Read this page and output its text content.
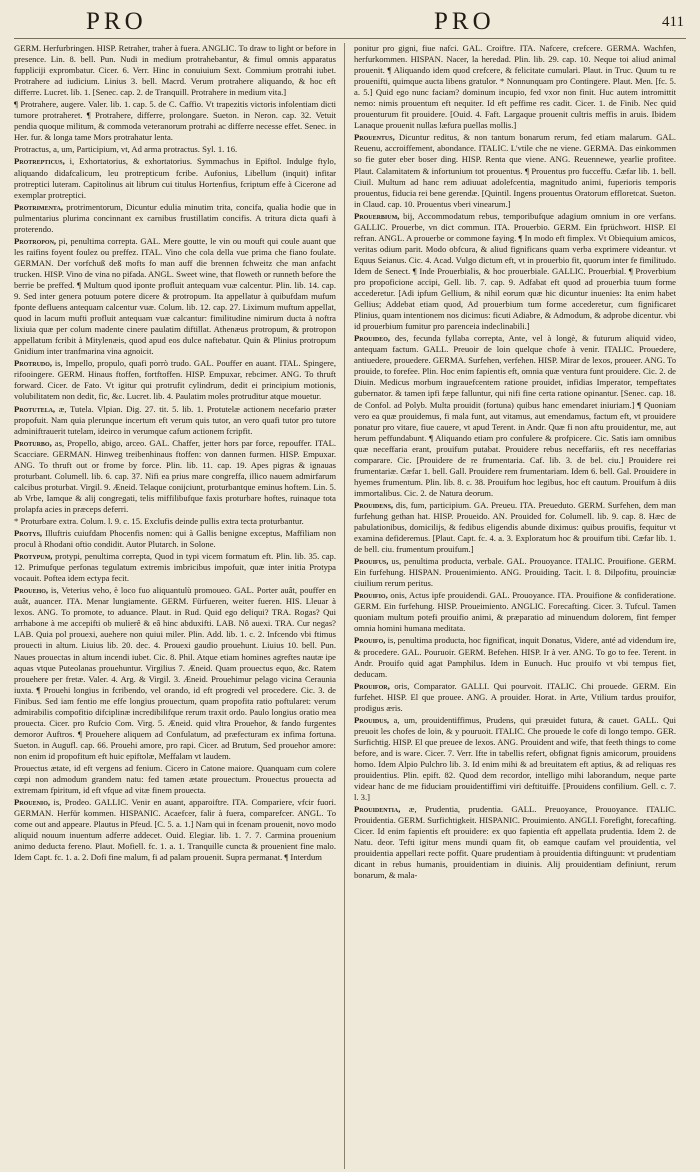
PRO	PRO	411

GERM. Herfurbringen. HISP. Retraher, traher à fuera. ANGLIC. To draw to light or before in presence. Lin. 8. bell. Pun. Nudi in medium protrahebantur, & fimul omnis apparatus fuppliciji exprombatur. Cicer. 6. Verr. Hinc in conuiuium Sext. Commium protrahi iubet. Protrahere ad iudicium. Linius 3. bell. Macrd. Verum protrahere aliquando, & hoc eft differre. Lucret. lib. 1. [Senec. cap. 2. de Tranquill. Protrahere in medium vita.]

¶ Protrahere, augere. Valer. lib. 1. cap. 5. de C. Caffio. Vt trapezitis victoris infolentiam dicti tumore protraheret. ¶ Protrahere, differre, prolongare. Sueton. in Neron. cap. 32. Vetuit pendia quoque militum, & commoda veteranorum protrahi ac differre necesse effet. Senec. in Her. fur. & longa tame Mors protrahatur lenta.

Protractus, a, um, Participium, vt, Ad arma protractus. Syl. 1. 16.

Protrepticus, i, Exhortatorius, & exhortatorius. Symmachus in Epiftol. Indulge ftylo, aliquando didafcalicum, leu protrepticum fcribe. Aufonius, Libellum (inquit) infitar protreptici luteram. Capitolinus ait librum cui titulus Hortenfius, fcriptum effe à Cicerone ad exemplar protreptici.

Protrimenta, protrimentorum, Dicuntur edulia minutim trita, concifa, qualia hodie que in pulmentarius plurima concinnant ex carnibus frustillatim concifis. A tritura dicta quafi à proterendo.

Protropon, pi, penultima correpta. GAL. Mere goutte, le vin ou mouft qui coule auant que les raifins foyent foulez ou preffez. ITAL. Vino che cola della vue prima che fiano foulate. GERMAN. Der vorfchuß deß mofts fo man auff die brennen fchweitz che man anfacht trucken. HISP. Vino de vina no pifada. ANGL. Sweet wine, that floweth or runneth before the berrie be preffed. ¶ Multum quod iponte profluit antequam vuæ calcentur. Plin. lib. 14. cap. 9. Sed inter genera potuum potere dicere & protropum. Ita appellatur à quibufdam mufum fponte defluens antequam calcentur vuæ. Colum. lib. 12. cap. 27. Liximum muftum appellat, quod in lacum mufti profluit antequam vuæ calcantur: fimilitudine nimirum ducta à noftra lixiuia quæ per colum madente cinere paulatim diftillat. Athenæus protropum, & protropon appellatum fcribit à Mitylenæis, quod apud eos dulce naftebatur. Quin & Plinius protropum Gnidium inter tranfmarina vina agnoicit.

Protrudo, is, Impello, propulo, quafi porrò trudo. GAL. Pouffer en auant. ITAL. Spingere, rifooingere. GERM. Hinaus ftoffen, fortftoffen. HISP. Empuxar, rebcimer. ANG. To thruft forward. Cicer. de Fato. Vt igitur qui protrufit cylindrum, dedit ei principium motionis, volubilitatem non dedit, fic, &c. Lucret. lib. 4. Paulatim moles protruditur atque mouetur.

Protutela, æ, Tutela. Vlpian. Dig. 27. tit. 5. lib. 1. Protutelæ actionem necefario præter propofuit. Nam quia plerunque incertum eft verum quis tutor, an vero quafi tutor pro tutore adminiftrauerit tutelam, ideirco in verumque cafum actionem fcripfit.

Proturbo, as, Propello, abigo, arceo. GAL. Chaffer, jetter hors par force, repouffer. ITAL. Scacciare. GERMAN. Hinweg treibenhinaus ftoffen: von dannen furmen. HISP. Empuxar. ANG. To thruft out or frome by force. Plin. lib. 11. cap. 19. Apes pigras & ignauas proturbant. Columell. lib. 6. cap. 37. Nifi ea prius mare congreffa, illico nauem admirfarum calcibus proturbat. Virgil. 9. Æneid. Telaque conijciunt, proturbantque eminus hoftem. Lin. 5. ab Vrbe, Iamque & alij congregati, telis miffilibufque faxis proturbare hoftes, ruinaque tota prolapfa acies in præceps deferri.

* Proturbare extra. Colum. l. 9. c. 15. Exclufis deinde pullis extra tecta proturbantur.

Protys, Illuftris cuiufdam Phocenfis nomen: qui à Gallis benigne exceptus, Maffiliam non procul à Rhodani oftio condidit. Autor Plutarch. in Solone.

Protypum, protypi, penultima correpta, Quod in typi vicem formatum eft. Plin. lib. 35. cap. 12. Primufque perfonas tegulatum extremis imbricibus impofuit, quæ inter initia Protypa vocauit. Poftea idem ectypa fecit.

Proueho, is, Veterius veho, è loco fuo aliquantulù promoueo. GAL. Porter auât, pouffer en auât, auancer. ITA. Menar lungiamente. GERM. Fürfueren, weiter fueren. HIS. Lleuar à lexos. ANG. To promote, to aduance. Plaut. in Rud. Quid ego deliqui? TRA. Rogas? Qui arrhabone à me accepifti ob mulierê & eâ hinc abduxifti. LAB. Nô auexi. TRA. Cur negas? LAB. Quia pol prouexi, auehere non quiui miler. Plin. Add. lib. 1. c. 2. Infcendo vbi ftimus prouecti in altum. Liuius lib. 20. dec. 4. Prouexi gaudio prouehunt. Liuius 10. bell. Pun. Naues prouectas in altum incendi iubet. Cic. 8. Phil. Atque etiam homines agreftes nautæ ipe aquas vtque Puteolanas prouehuntur. Virgilius 7. Æneid. Quam prouectus equo, &c. Ratem prouehere per fretæ. Valer. 4. Arg. & Virgil. 3. Æneid. Prouehimur pelago vicina Ceraunia iuxta. ¶ Prouehi longius in fcribendo, vel orando, id eft progredi vel procedere. Cic. 3. de Finibus. Sed iam fentio me effe longius prouectum, quam propofita ratio poftularet: verum admirabilis compofitio difciplinæ incredibilifque rerum traxit ordo. Paulo longius oratio mea prouecta. Cicer. pro Rufcio Com. Virg. 5. Æneid. quid vltra Prouehor, & fando furgentes demoror Auftros. ¶ Prouehere aliquem ad Confulatum, ad præfecturam ex infima fortuna. Sueton. in Augufl. cap. 66. Prouehi amore, pro rapi. Cicer. ad Brutum, Sed prouehor amore: non enim id propofitum eft huic epiftolæ, Meffalam vt laudem.

Prouectus ætate, id eft vergens ad fenium. Cicero in Catone maiore. Quanquam cum colere cœpi non admodum grandem natu: fed tamen ætate prouectum. Prouectus prouecta ad extremam fpiritum, id eft vfque ad vitæ finem prouecta.

Prouenio, is, Prodeo. GALLIC. Venir en auant, apparoiftre. ITA. Compariere, vfcir fuori. GERMAN. Herfür kommen. HISPANIC. Acaefcer, falir à fuera, comparefcer. ANGL. To come out and appeare. Plautus in Pfeud. [C. 5. a. 1.] Nam qui in fcenam prouenit, novo modo aliquid nouum inuentum adferre addecet. Ouid. Elegiar. lib. 1. 7. 7. Carmina prouenium animo deducta fereno. Plaut. Mofiell. fc. 1. a. 1. Tranquille cuncta & prouenient fine malo. Idem Capt. fc. 1. a. 2. Dofi fine malum, fi ad palam prouenit. Supra permanat. ¶ Interdum

ponitur pro gigni, fiue nafci. GAL. Croiftre. ITA. Nafcere, crefcere. GERMA. Wachfen, herfurkommen. HISPAN. Nacer, la heredad. Plin. lib. 29. cap. 10. Neque toi aliud animal prouenit. ¶ Aliquando idem quod crefcere, & felicitate cumulari. Plaut. in Truc. Quum tu re prouenifti, quimque aucta libens gratulor. * Nonnunquam pro Contingere. Plaut. Men. [fc. 5. a. 5.] Quid ego nunc faciam? dominum incupio, fed vxor non finit. Huc autem intromittit nemo: nimis prouentum eft nequiter. Id eft peffime res cadit. Cicer. 1. de Finib. Nec quid prouenturum fit prouidere. [Ouid. 4. Faft. Largaque prouenit cultris meffis in aruis. Ibidem Lanaque prouenit nullas læfura puellas mollis.]

Prouentus, Dicuntur reditus, & non tantum bonarum rerum, fed etiam malarum. GAL. Reuenu, accroiffement, abondance. ITALIC. L'vtile che ne viene. GERMA. Das einkommen so fie guter eber boser ding. HISP. Renta que viene. ANG. Reuennewe, yearlie profitee. Plaut. Calamitatem & infortunium tot prouentus. ¶ Prouentus pro fucceffu. Cæfar lib. 1. bell. Ciuil. Multum ad hanc rem adiuuat adolefcentia, magnitudo animi, fuperioris temporis prouentus, fiducia rei bene gerendæ. [Quintil. Ingens prouentus Oratorum effloretcat. Sueton. in Claud. cap. 10. Prouentus vberi vinearum.]

Prouerbium, bij, Accommodatum rebus, temporibufque adagium omnium in ore verfans. GALLIC. Prouerbe, vn dict commun. ITA. Prouerbio. GERM. Ein fprüchwort. HISP. El refran. ANGL. A prouerbe or commone faying. ¶ In modo eft fimplex. Vt Obiequium amicos, veritas odium parit. Modo obfcura, & aliud fignificans quam verba exprimere videantur. vt Equus Seianus. Cic. 4. Acad. Vulgo dictum eft, vt in prouerbio fit, quorum inter fe fimilitudo. Idem de Senect. ¶ Inde Prouerbialis, & hoc prouerbiale. GALLIC. Prouerbial. ¶ Proverbium pro propoficione accipi, Gell. lib. 7. cap. 9. Adfabat eft quod ad prouerbia tuum forme accederetur. [Adi ipfum Gellium, & nihil eorum quæ hic dicuntur inuenies: Ita enim habet Gellius; Addebat etiam quod, Ad prouerbium tum forme accederetur, cum fignificaret Plinius, quam intentionem nos dicimus: ficuti Adiabre, & Admodum, & adprobe dicentur. vbi id prouerbium fumitur pro parenceia indeclinabili.]

Prouideo, des, fecunda fyllaba correpta, Ante, vel à longè, & futurum aliquid video, antequam factum. GALL. Preuoir de loin quelque chofe à venir. ITALIC. Prouedere, antiuedere, prouedere. GERMA. Surfehen, verfehen. HISP. Mirar de lexos, proueer. ANG. To prouide, to forefee. Plin. Hoc enim fapientis eft, omnia quæ ventura funt prouidere. Cic. 2. de Diuin. Medicus morbum ingrauefcentem ratione prouidet, infidias Imperator, tempeftates gubernator. & tamen ipfi fæpe falluntur, qui nifi fine certa ratione opinantur. [Senec. cap. 18. de Confol. ad Polyb. Multa prouidit (fortuna) quibus hanc emendaret iniuriam.] ¶ Quoniam vero ea quæ prouidemus, fi mala funt, aut vitamus, aut emendamus, factum eft, vt prouidere ponatur pro vitare, fiue cauere, vt apud Terent. in Andr. Quæ fi non aftu prouidentur, me, aut herum peffundabunt. ¶ Aliquando etiam pro confulere & profpicere. Cic. Satis iam omnibus quæ neceffaria erant, prouifum putabat. Prouidere rebus neceffariis, eft res neceffarias comparare. Cic. [Prouidere de re frumentaria. Caf. lib. 3. de bel. ciu.] Prouidere rei frumentariæ. Cæfar 1. bell. Gall. Prouidere rem frumentariam. Idem 6. bell. Gal. Prouidere in hyemes frumentum. Plin. lib. 8. c. 38. Prouifum hoc legibus, hoc eft cautum. Prouifum à diis immortalibus. Cic. 2. de Natura deorum.

Prouidens, dis, fum, participium. GA. Preueu. ITA. Preueduto. GERM. Surfehen, dem man furfehung gethan hat. HISP. Proueido. AN. Prouided for. Columell. lib. 9. cap. 8. Hæc de pabulationibus, domicilijs, & fedibus eligendis abunde diximus: quibus prouifis, fequitur vt examina defideremus. [Plaut. Capt. fc. 4. a. 3. Exploratum hoc & prouifum tibi. Cæfar lib. 1. de bell. ciu. frumentum prouifum.]

Prouifus, us, penultima producta, verbale. GAL. Prouoyance. ITALIC. Prouifione. GERM. Ein furfehung. HISPAN. Prouenimiento. ANG. Prouiding. Tacit. l. 8. Dilpofitu, prouinciæ ciuilium rerum peritus.

Prouifio, onis, Actus ipfe prouidendi. GAL. Prouoyance. ITA. Prouifione & confideratione. GERM. Ein furfehung. HISP. Proueimiento. ANGLIC. Forecafting. Cicer. 3. Tufcul. Tamen quoniam multum potefi prouifio animi, & præparatio ad minuendum dolorem, fint femper omnia homini humana meditata.

Prouifo, is, penultima producta, hoc fignificat, inquit Donatus, Videre, anté ad videndum ire, & procedere. GAL. Pouruoir. GERM. Befehen. HISP. Ir à ver. ANG. To go to fee. Terent. in Andr. Prouifo quid agat Pamphilus. Idem in Eunuch. Huc prouifo vt vbi tempus fiet, deducam.

Prouifor, oris, Comparator. GALLI. Qui pourvoit. ITALIC. Chi prouede. GERM. Ein furfehet. HISP. El que prouee. ANG. A prouider. Horat. in Arte, Vtilium tardus prouifor, prodigus æris.

Prouidus, a, um, prouidentiffimus, Prudens, qui præuidet futura, & cauet. GALL. Qui preuoit les chofes de loin, & y pouruoit. ITALIC. Che prouede le cofe di longo tempo. GER. Surfichtig. HISP. El que preuee de lexos. ANG. Prouident and wife, that feeth things to come before, and is ware. Cicer. 7. Verr. Ifte in tabellis refert, obfignat fignis amicorum, prouidens homo. Idem Alpio Pulchro lib. 3. Id enim mihi & ad breuitatem eft aptius, & ad reliquas res prouidentius. Plin. epift. 82. Quod dem recordor, intelligo mihi laborandum, neque parte videar hanc de me fiduciam prouidentiffimi viri deftituiffe. [Prouidens confilium. Gell. c. 7. l. 3.]

Prouidentia, æ, Prudentia, prudentia. GALL. Preuoyance, Prouoyance. ITALIC. Prouidentia. GERM. Surfichtigkeit. HISPANIC. Prouimiento. ANGLI. Forefight, forecafting. Cicer. Id enim fapientis eft prouidere: ex quo fapientia eft appellata prudentia. Idem 2. de Natu. deor. Tefti igitur mens mundi quam fit, ob eamque caufam vel prouidentia, vel prouidentia appellari recte poffit. Quare prudentiam à prouidentia diftinguunt: vt prudentiam dicant in rebus humanis, prouidentiam in diuinis. Alij prouidentiam definiunt, rerum bonarum, & mala-
